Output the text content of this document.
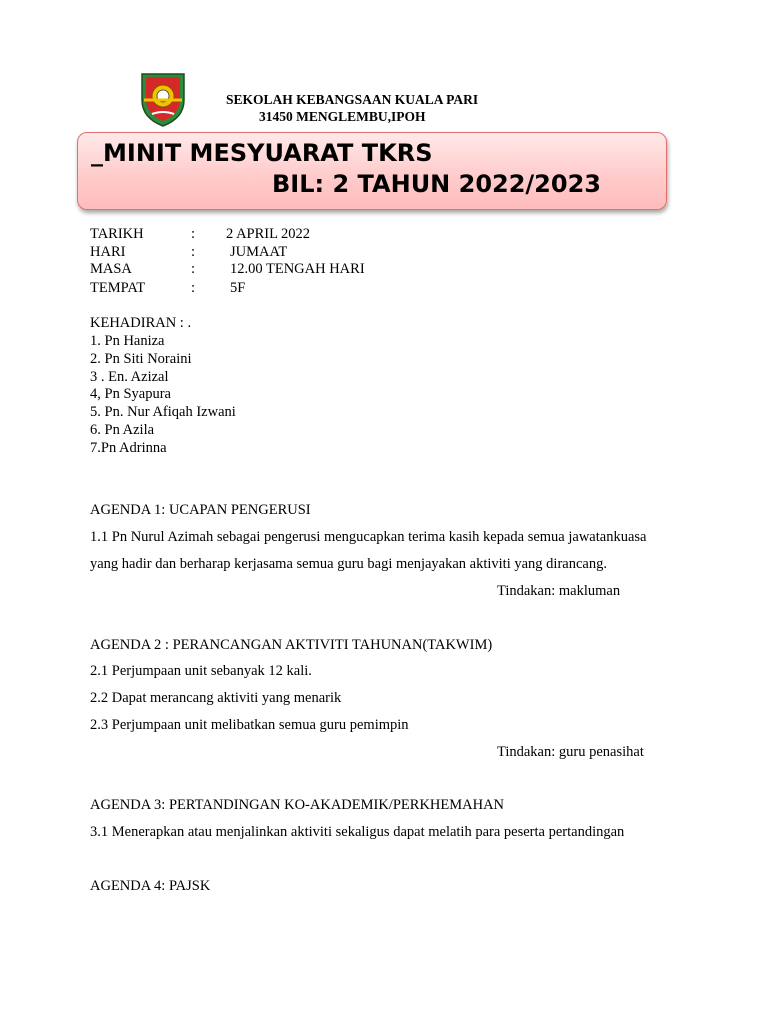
SEKOLAH KEBANGSAAN KUALA PARI
31450 MENGLEMBU,IPOH
_MINIT MESYUARAT TKRS
BIL: 2 TAHUN 2022/2023
TARIKH	: 2 APRIL 2022
HARI	: JUMAAT
MASA	: 12.00 TENGAH HARI
TEMPAT	: 5F
KEHADIRAN : .
1. Pn Haniza
2. Pn Siti Noraini
3 . En. Azizal
4, Pn Syapura
5. Pn. Nur Afiqah Izwani
6. Pn Azila
7.Pn Adrinna
AGENDA 1: UCAPAN PENGERUSI
1.1 Pn Nurul Azimah sebagai pengerusi mengucapkan terima kasih kepada semua jawatankuasa
yang hadir dan berharap kerjasama semua guru bagi menjayakan aktiviti yang dirancang.
Tindakan: makluman
AGENDA 2 : PERANCANGAN AKTIVITI TAHUNAN(TAKWIM)
2.1 Perjumpaan unit sebanyak 12 kali.
2.2 Dapat merancang aktiviti yang menarik
2.3 Perjumpaan unit melibatkan semua guru pemimpin
Tindakan: guru penasihat
AGENDA 3: PERTANDINGAN KO-AKADEMIK/PERKHEMAHAN
3.1 Menerapkan atau menjalinkan aktiviti sekaligus dapat melatih para peserta pertandingan
AGENDA 4: PAJSK
